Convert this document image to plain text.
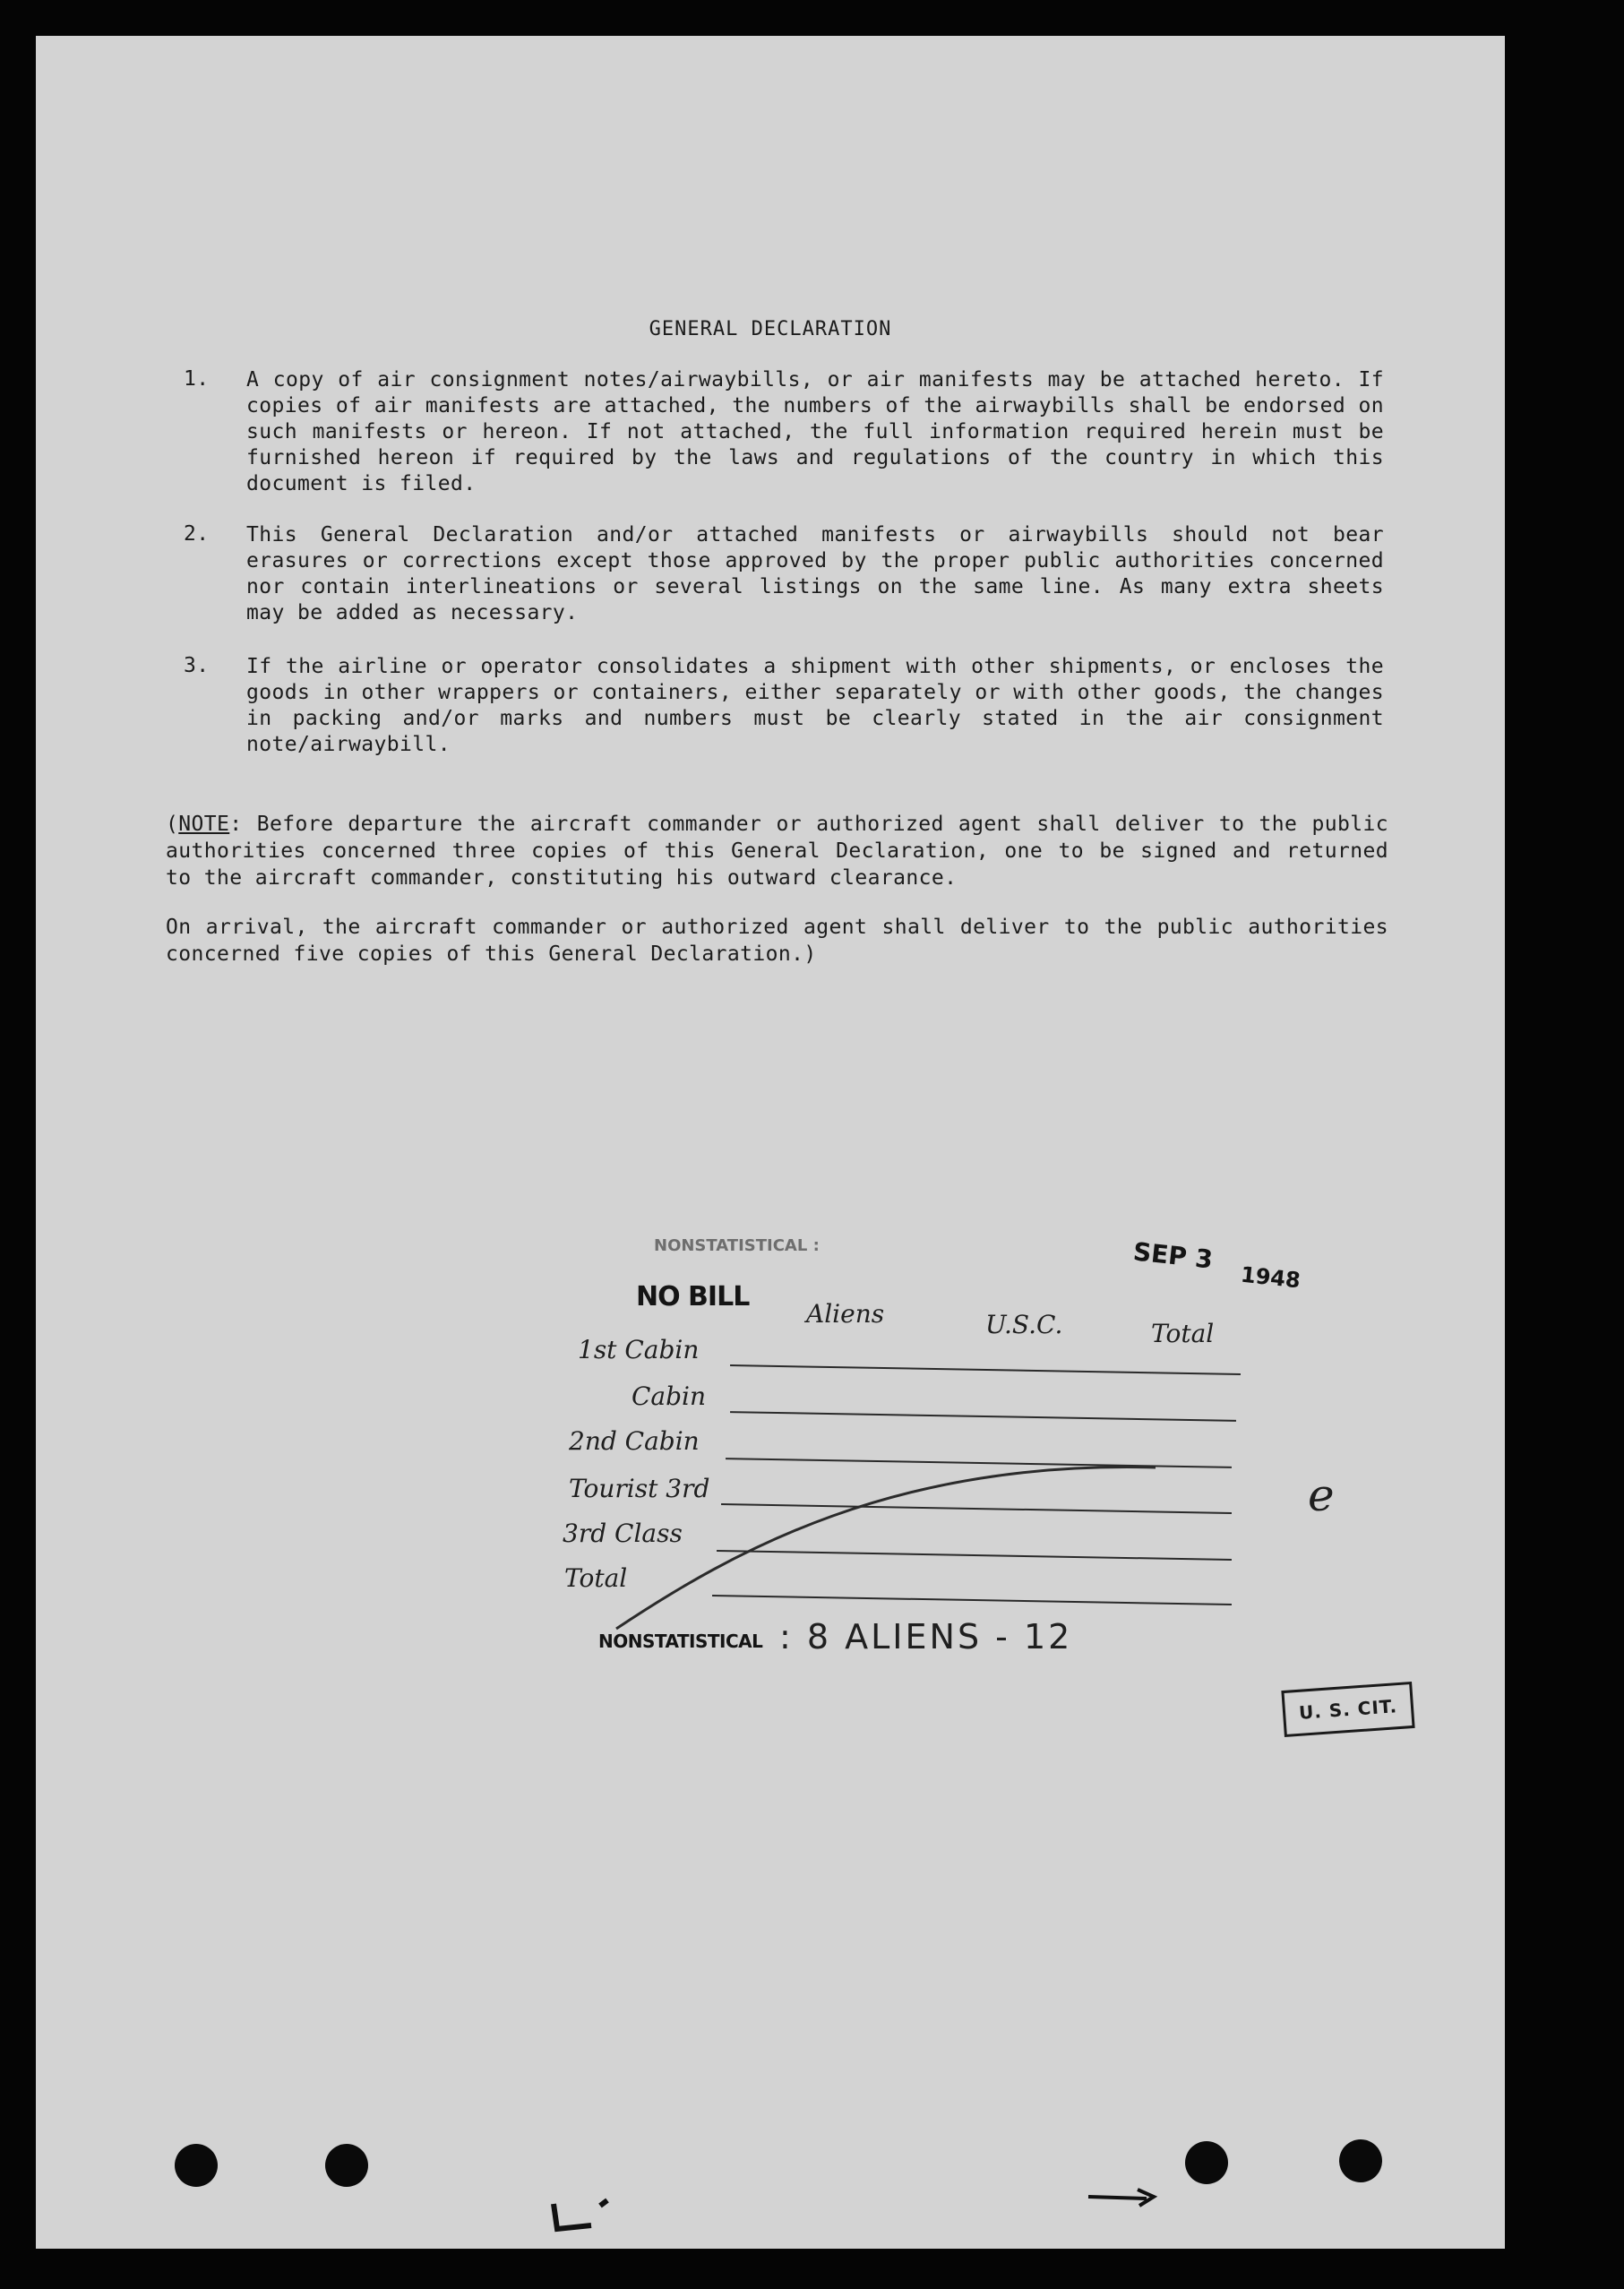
GENERAL DECLARATION
1.	A copy of air consignment notes/airwaybills, or air manifests may be attached hereto. If copies of air manifests are attached, the numbers of the airwaybills shall be endorsed on such manifests or hereon. If not attached, the full information required herein must be furnished hereon if required by the laws and regulations of the country in which this document is filed.
2.	This General Declaration and/or attached manifests or airwaybills should not bear erasures or corrections except those approved by the proper public authorities concerned nor contain interlineations or several listings on the same line. As many extra sheets may be added as necessary.
3.	If the airline or operator consolidates a shipment with other shipments, or encloses the goods in other wrappers or containers, either separately or with other goods, the changes in packing and/or marks and numbers must be clearly stated in the air consignment note/airwaybill.
(NOTE: Before departure the aircraft commander or authorized agent shall deliver to the public authorities concerned three copies of this General Declaration, one to be signed and returned to the aircraft commander, constituting his outward clearance.
On arrival, the aircraft commander or authorized agent shall deliver to the public authorities concerned five copies of this General Declaration.)
NONSTATISTICAL :	SEP 3
1948
NO BILL
Aliens	U.S.C.	Total
1st Cabin
Cabin
2nd Cabin
Tourist 3rd
3rd Class
Total
NONSTATISTICAL : 8 ALIENS - 12
e
U. S. CIT.
